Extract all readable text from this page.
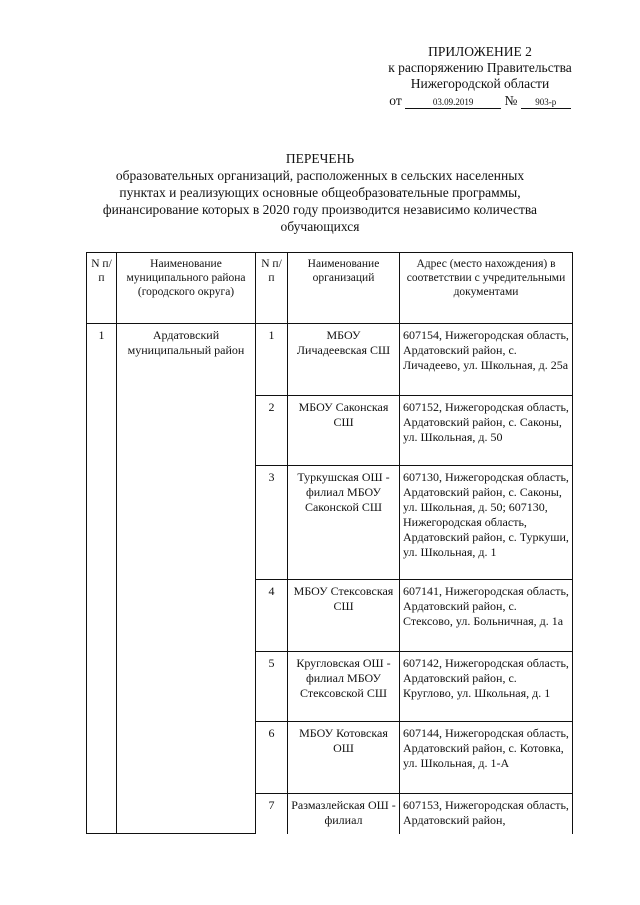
ПРИЛОЖЕНИЕ 2
к распоряжению Правительства
Нижегородской области
от	03.09.2019 № 903-р
ПЕРЕЧЕНЬ
образовательных организаций, расположенных в сельских населенных
пунктах и реализующих основные общеобразовательные программы,
финансирование которых в 2020 году производится независимо количества
обучающихся
N п/п	Наименование муниципального района (городского округа)	N п/п	Наименование организаций	Адрес (место нахождения) в соответствии с учредительными документами
1	Ардатовский муниципальный район	1	МБОУ Личадеевская СШ	607154, Нижегородская область, Ардатовский район, с. Личадеево, ул. Школьная, д. 25а
		2	МБОУ Саконская СШ	607152, Нижегородская область, Ардатовский район, с. Саконы, ул. Школьная, д. 50
		3	Туркушская ОШ - филиал МБОУ Саконской СШ	607130, Нижегородская область, Ардатовский район, с. Саконы, ул. Школьная, д. 50; 607130, Нижегородская область, Ардатовский район, с. Туркуши, ул. Школьная, д. 1
		4	МБОУ Стексовская СШ	607141, Нижегородская область, Ардатовский район, с. Стексово, ул. Больничная, д. 1а
		5	Кругловская ОШ - филиал МБОУ Стексовской СШ	607142, Нижегородская область, Ардатовский район, с. Круглово, ул. Школьная, д. 1
		6	МБОУ Котовская ОШ	607144, Нижегородская область, Ардатовский район, с. Котовка, ул. Школьная, д. 1-А
		7	Размазлейская ОШ - филиал	607153, Нижегородская область, Ардатовский район,
